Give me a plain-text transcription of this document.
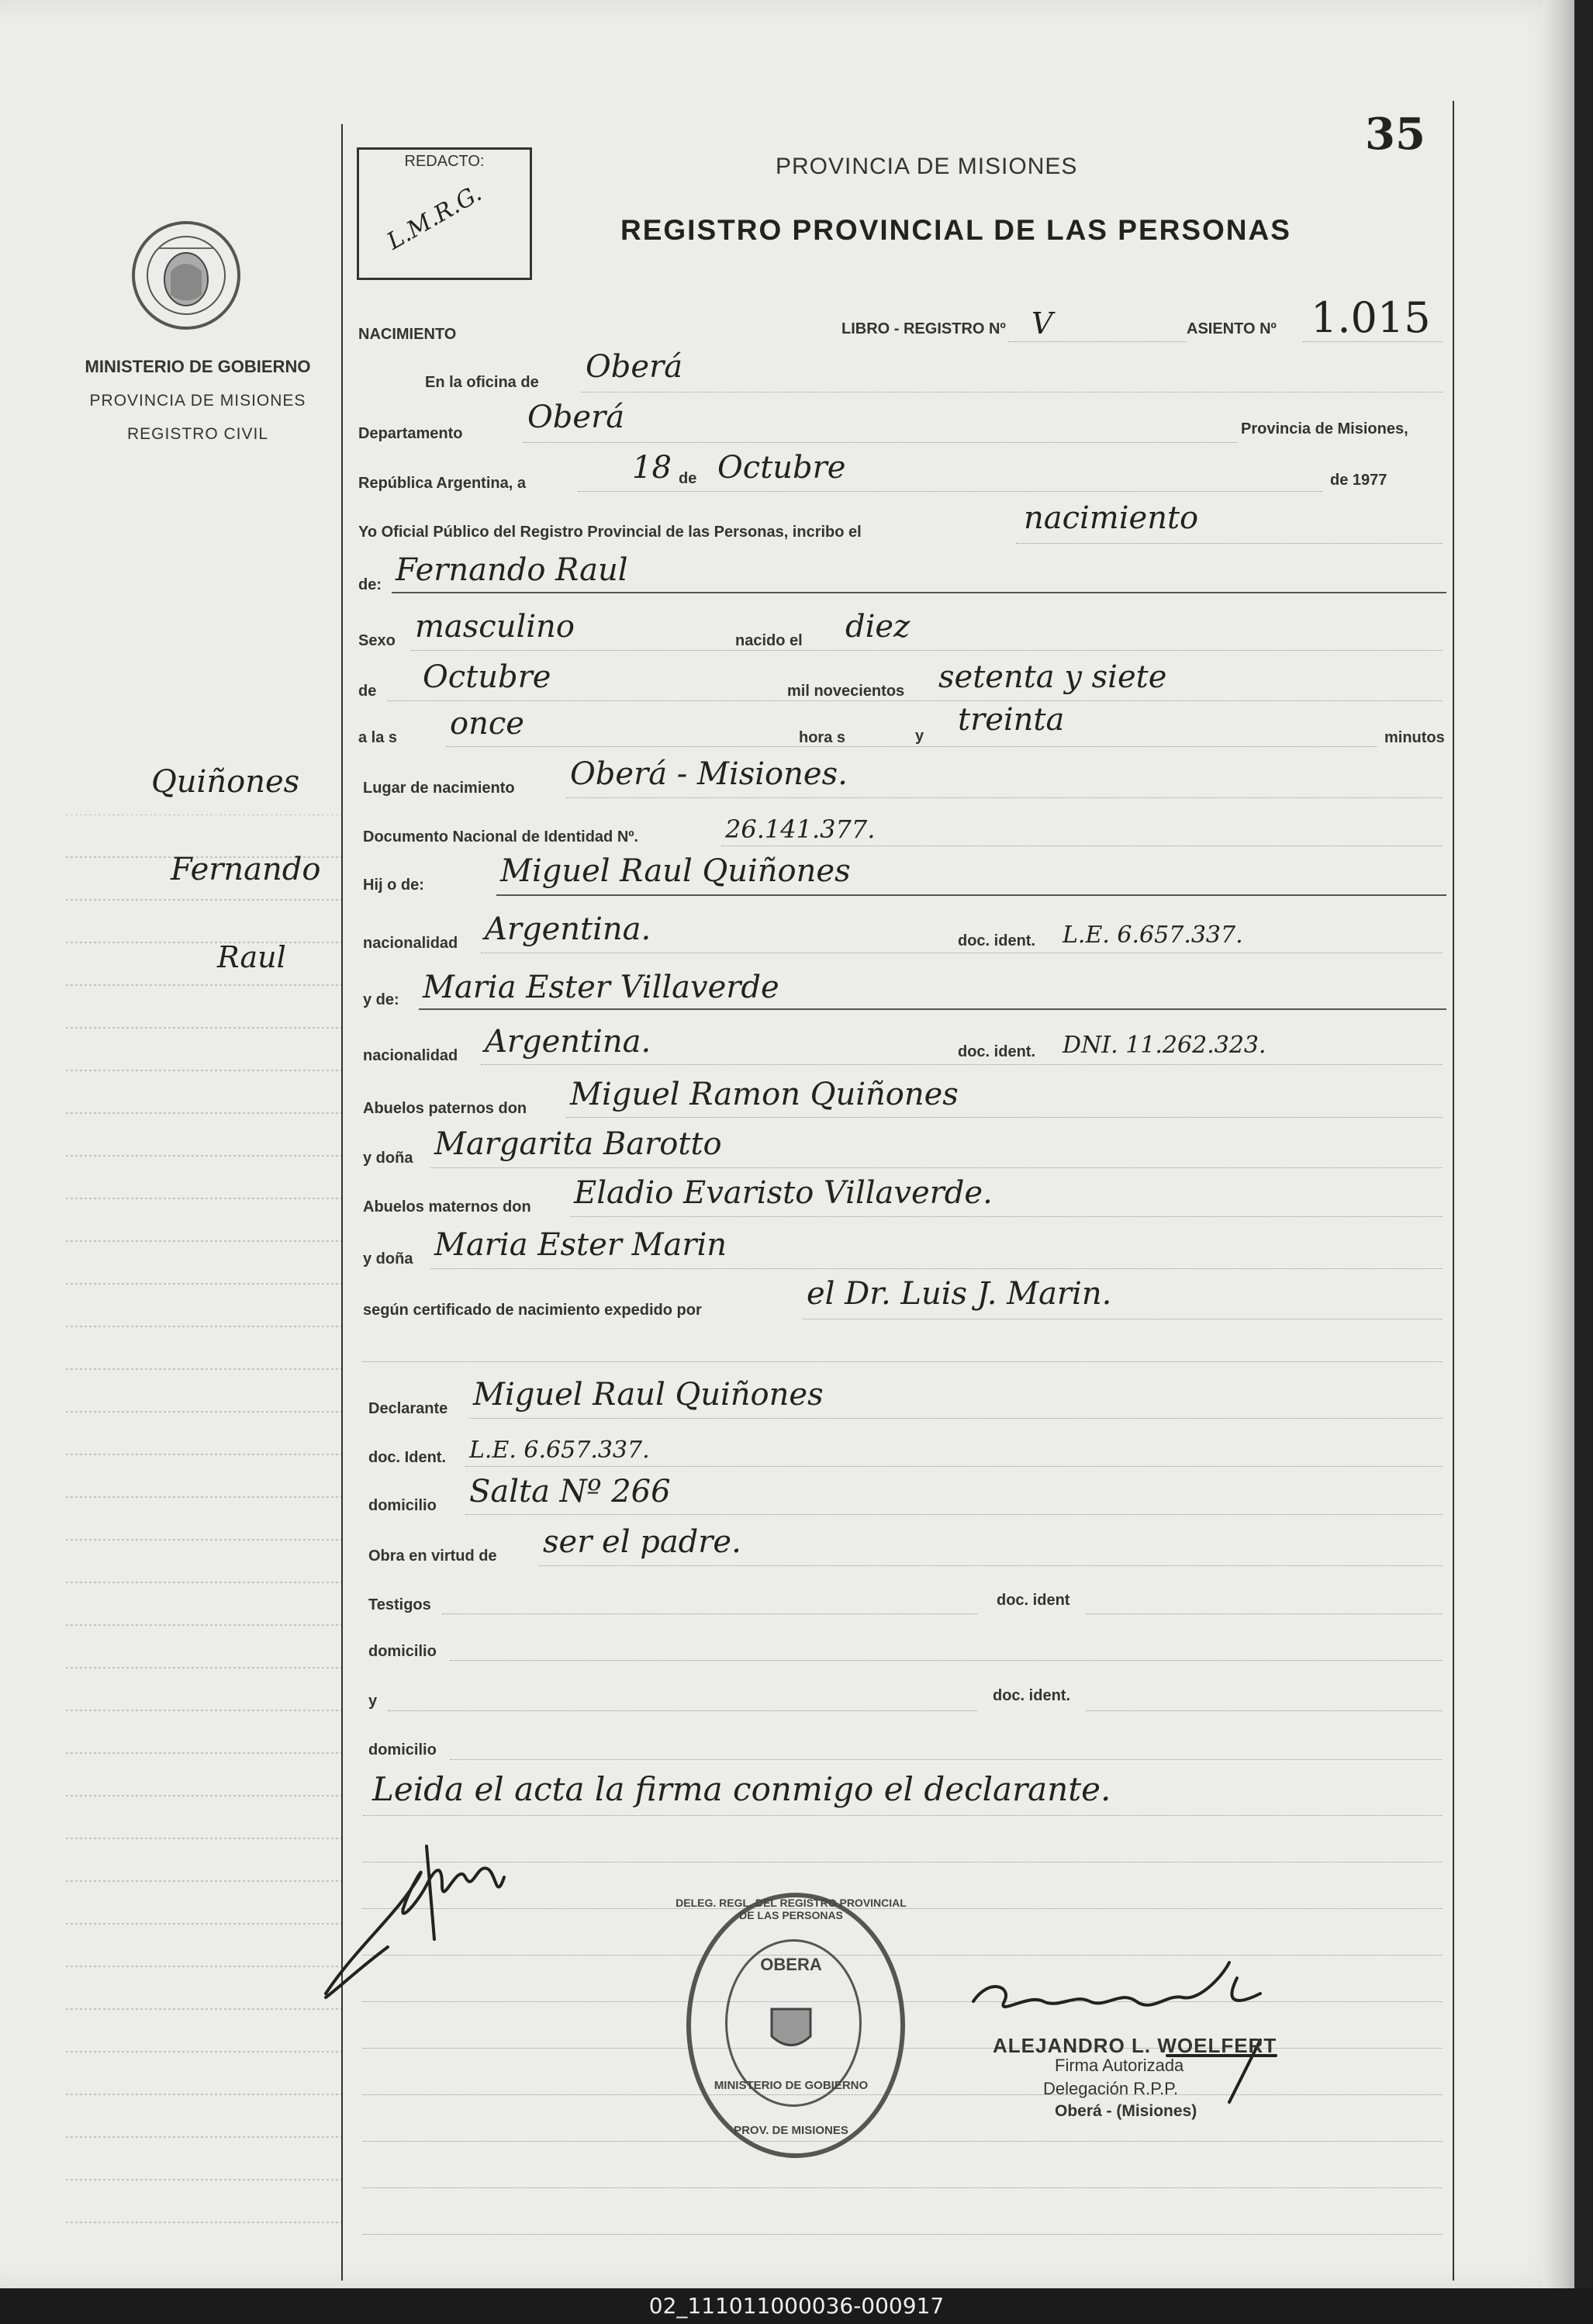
35
MINISTERIO DE GOBIERNO
PROVINCIA DE MISIONES
REGISTRO CIVIL
REDACTO:
L.M.R.G.
PROVINCIA DE MISIONES
REGISTRO PROVINCIAL DE LAS PERSONAS
NACIMIENTO	LIBRO - REGISTRO Nº V	ASIENTO Nº 1.015
Quiñones
Fernando
Raul
En la oficina de Oberá
Departamento Oberá	Provincia de Misiones,
República Argentina, a	18 de Octubre	de 1977
Yo Oficial Público del Registro Provincial de las Personas, incribo el	nacimiento
de: Fernando Raul
Sexo masculino	nacido el diez
de Octubre	mil novecientos setenta y siete
a la s once	hora s	y treinta	minutos
Lugar de nacimiento Oberá - Misiones.
Documento Nacional de Identidad Nº.	26.141.377.
Hij o de: Miguel Raul Quiñones
nacionalidad Argentina.	doc. ident. L.E. 6.657.337.
y de: Maria Ester Villaverde
nacionalidad Argentina.	doc. ident. DNI. 11.262.323.
Abuelos paternos don Miguel Ramon Quiñones
y doña Margarita Barotto
Abuelos maternos don Eladio Evaristo Villaverde.
y doña Maria Ester Marin
según certificado de nacimiento expedido por	el Dr. Luis J. Marin.
Declarante Miguel Raul Quiñones
doc. Ident. L.E. 6.657.337.
domicilio Salta Nº 266
Obra en virtud de ser el padre.
Testigos	doc. ident
domicilio
y	doc. ident.
domicilio
Leida el acta la firma conmigo el declarante.
OBERA
DELEG. REGL. DEL REGISTRO PROVINCIAL DE LAS PERSONAS
MINISTERIO DE GOBIERNO
PROV. DE MISIONES
ALEJANDRO L. WOELFERT
Firma Autorizada
Delegación R.P.P.
Oberá - (Misiones)
02_111011000036-000917
